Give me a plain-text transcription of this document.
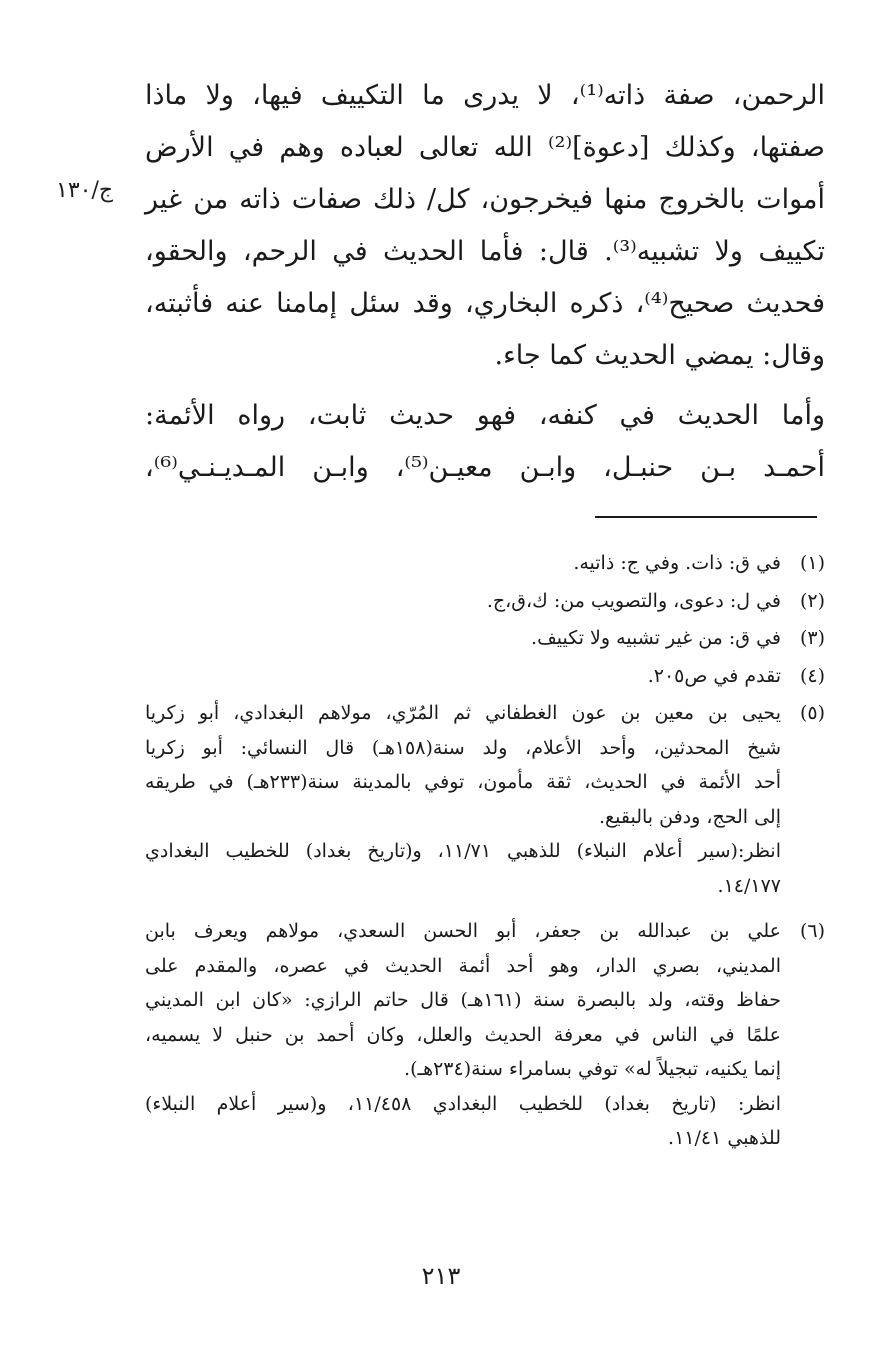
ج/١٣٠

الرحمن، صفة ذاته⁽¹⁾، لا يدرى ما التكييف فيها، ولا ماذا
صفتها، وكذلك [دعوة]⁽²⁾ الله تعالى لعباده وهم في الأرض
أموات بالخروج منها فيخرجون، كل/ ذلك صفات ذاته من غير
تكييف ولا تشبيه⁽³⁾. قال: فأما الحديث في الرحم، والحقو،
فحديث صحيح⁽⁴⁾، ذكره البخاري، وقد سئل إمامنا عنه فأثبته،
وقال: يمضي الحديث كما جاء.

وأما الحديث في كنفه، فهو حديث ثابت، رواه الأئمة:
أحمـد بـن حنبـل، وابـن معيـن⁽⁵⁾، وابـن المـديـنـي⁽⁶⁾،

(١)
في ق: ذات. وفي ج: ذاتيه.
(٢)
في ل: دعوى، والتصويب من: ك،ق،ج.
(٣)
في ق: من غير تشبيه ولا تكييف.
(٤)
تقدم في ص٢٠٥.
(٥)
يحيى بن معين بن عون الغطفاني ثم المُرّي، مولاهم البغدادي، أبو زكريا
شيخ المحدثين، وأحد الأعلام، ولد سنة(١٥٨هـ) قال النسائي: أبو زكريا
أحد الأئمة في الحديث، ثقة مأمون، توفي بالمدينة سنة(٢٣٣هـ) في طريقه
إلى الحج، ودفن بالبقيع.
انظر:(سير أعلام النبلاء) للذهبي ١١/٧١، و(تاريخ بغداد) للخطيب البغدادي
١٤/١٧٧.
(٦)
علي بن عبدالله بن جعفر، أبو الحسن السعدي، مولاهم ويعرف بابن
المديني، بصري الدار، وهو أحد أئمة الحديث في عصره، والمقدم على
حفاظ وقته، ولد بالبصرة سنة (١٦١هـ) قال حاتم الرازي: «كان ابن المديني
علمًا في الناس في معرفة الحديث والعلل، وكان أحمد بن حنبل لا يسميه،
إنما يكنيه، تبجيلاً له» توفي بسامراء سنة(٢٣٤هـ).
انظر: (تاريخ بغداد) للخطيب البغدادي ١١/٤٥٨، و(سير أعلام النبلاء)
للذهبي ١١/٤١.
٢١٣
